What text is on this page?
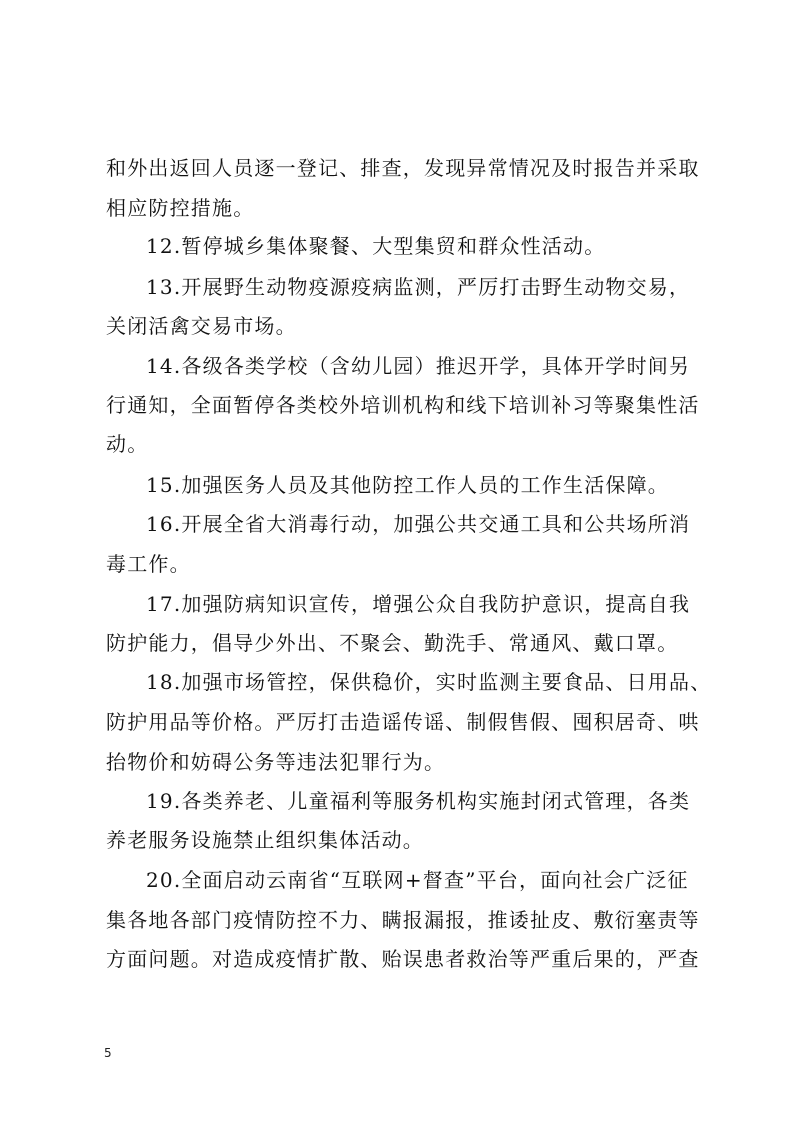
和外出返回人员逐一登记、排查，发现异常情况及时报告并采取
相应防控措施。
12.暂停城乡集体聚餐、大型集贸和群众性活动。
13.开展野生动物疫源疫病监测，严厉打击野生动物交易，
关闭活禽交易市场。
14.各级各类学校（含幼儿园）推迟开学，具体开学时间另
行通知，全面暂停各类校外培训机构和线下培训补习等聚集性活
动。
15.加强医务人员及其他防控工作人员的工作生活保障。
16.开展全省大消毒行动，加强公共交通工具和公共场所消
毒工作。
17.加强防病知识宣传，增强公众自我防护意识，提高自我
防护能力，倡导少外出、不聚会、勤洗手、常通风、戴口罩。
18.加强市场管控，保供稳价，实时监测主要食品、日用品、
防护用品等价格。严厉打击造谣传谣、制假售假、囤积居奇、哄
抬物价和妨碍公务等违法犯罪行为。
19.各类养老、儿童福利等服务机构实施封闭式管理，各类
养老服务设施禁止组织集体活动。
20.全面启动云南省“互联网+督查”平台，面向社会广泛征
集各地各部门疫情防控不力、瞒报漏报，推诿扯皮、敷衍塞责等
方面问题。对造成疫情扩散、贻误患者救治等严重后果的，严查
5
